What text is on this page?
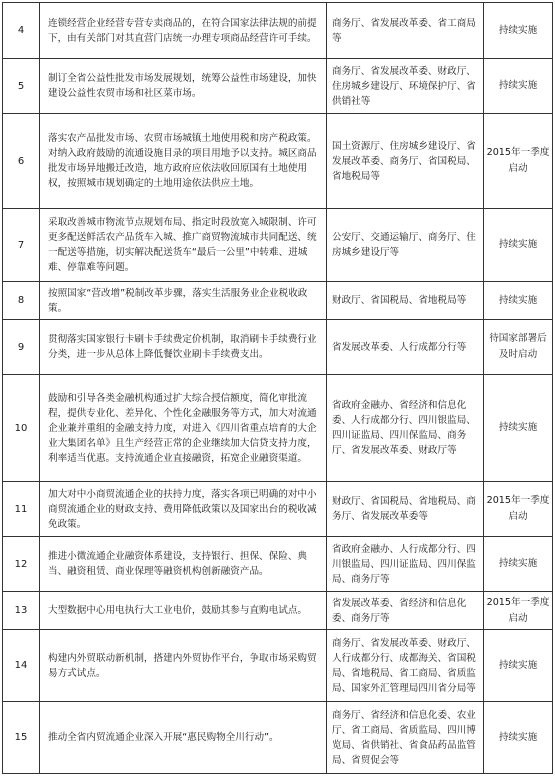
4	连锁经营企业经营专营专卖商品的，在符合国家法律法规的前提下，由有关部门对其直营门店统一办理专项商品经营许可手续。	商务厅、省发展改革委、省工商局等	持续实施
5	制订全省公益性批发市场发展规划，统筹公益性市场建设，加快建设公益性农贸市场和社区菜市场。	商务厅、省发展改革委、财政厅、住房城乡建设厅、环境保护厅、省供销社等	持续实施
6	落实农产品批发市场、农贸市场城镇土地使用税和房产税政策。对纳入政府鼓励的流通设施目录的项目用地予以支持。城区商品批发市场异地搬迁改造，地方政府应依法收回原国有土地使用权，按照城市规划确定的土地用途依法供应土地。	国土资源厅、住房城乡建设厅、省发展改革委、商务厅、省国税局、省地税局等	2015年一季度启动
7	采取改善城市物流节点规划布局、指定时段放宽入城限制、许可更多配送鲜活农产品货车入城、推广商贸物流城市共同配送、统一配送等措施，切实解决配送货车“最后一公里”中转难、进城难、停靠难等问题。	公安厅、交通运输厅、商务厅、住房城乡建设厅等	持续实施
8	按照国家“营改增”税制改革步骤，落实生活服务业企业税收政策。	财政厅、省国税局、省地税局等	持续实施
9	贯彻落实国家银行卡刷卡手续费定价机制，取消刷卡手续费行业分类，进一步从总体上降低餐饮业刷卡手续费支出。	省发展改革委、人行成都分行等	待国家部署后及时启动
10	鼓励和引导各类金融机构通过扩大综合授信额度，简化审批流程，提供专业化、差异化、个性化金融服务等方式，加大对流通企业兼并重组的金融支持力度，对进入《四川省重点培育的大企业大集团名单》且生产经营正常的企业继续加大信贷支持力度，利率适当优惠。支持流通企业直接融资，拓宽企业融资渠道。	省政府金融办、省经济和信息化委、人行成都分行、四川银监局、四川证监局、四川保监局、商务厅、省发展改革委、财政厅等	持续实施
11	加大对中小商贸流通企业的扶持力度，落实各项已明确的对中小商贸流通企业的财政支持、费用降低政策以及国家出台的税收减免政策。	财政厅、省国税局、省地税局、商务厅、省发展改革委等	2015年一季度启动
12	推进小微流通企业融资体系建设，支持银行、担保、保险、典当、融资租赁、商业保理等融资机构创新融资产品。	省政府金融办、人行成都分行、四川银监局、四川证监局、四川保监局、商务厅等	持续实施
13	大型数据中心用电执行大工业电价，鼓励其参与直购电试点。	省发展改革委、省经济和信息化委、商务厅等	2015年一季度启动
14	构建内外贸联动新机制，搭建内外贸协作平台，争取市场采购贸易方式试点。	商务厅、省发展改革委、财政厅、人行成都分行、成都海关、省国税局、省地税局、省工商局、省质监局、国家外汇管理局四川省分局等	持续实施
15	推动全省内贸流通企业深入开展“惠民购物全川行动”。	商务厅、省经济和信息化委、农业厅、省工商局、省质监局、四川博览局、省供销社、省食品药品监管局、省贸促会等	持续实施
